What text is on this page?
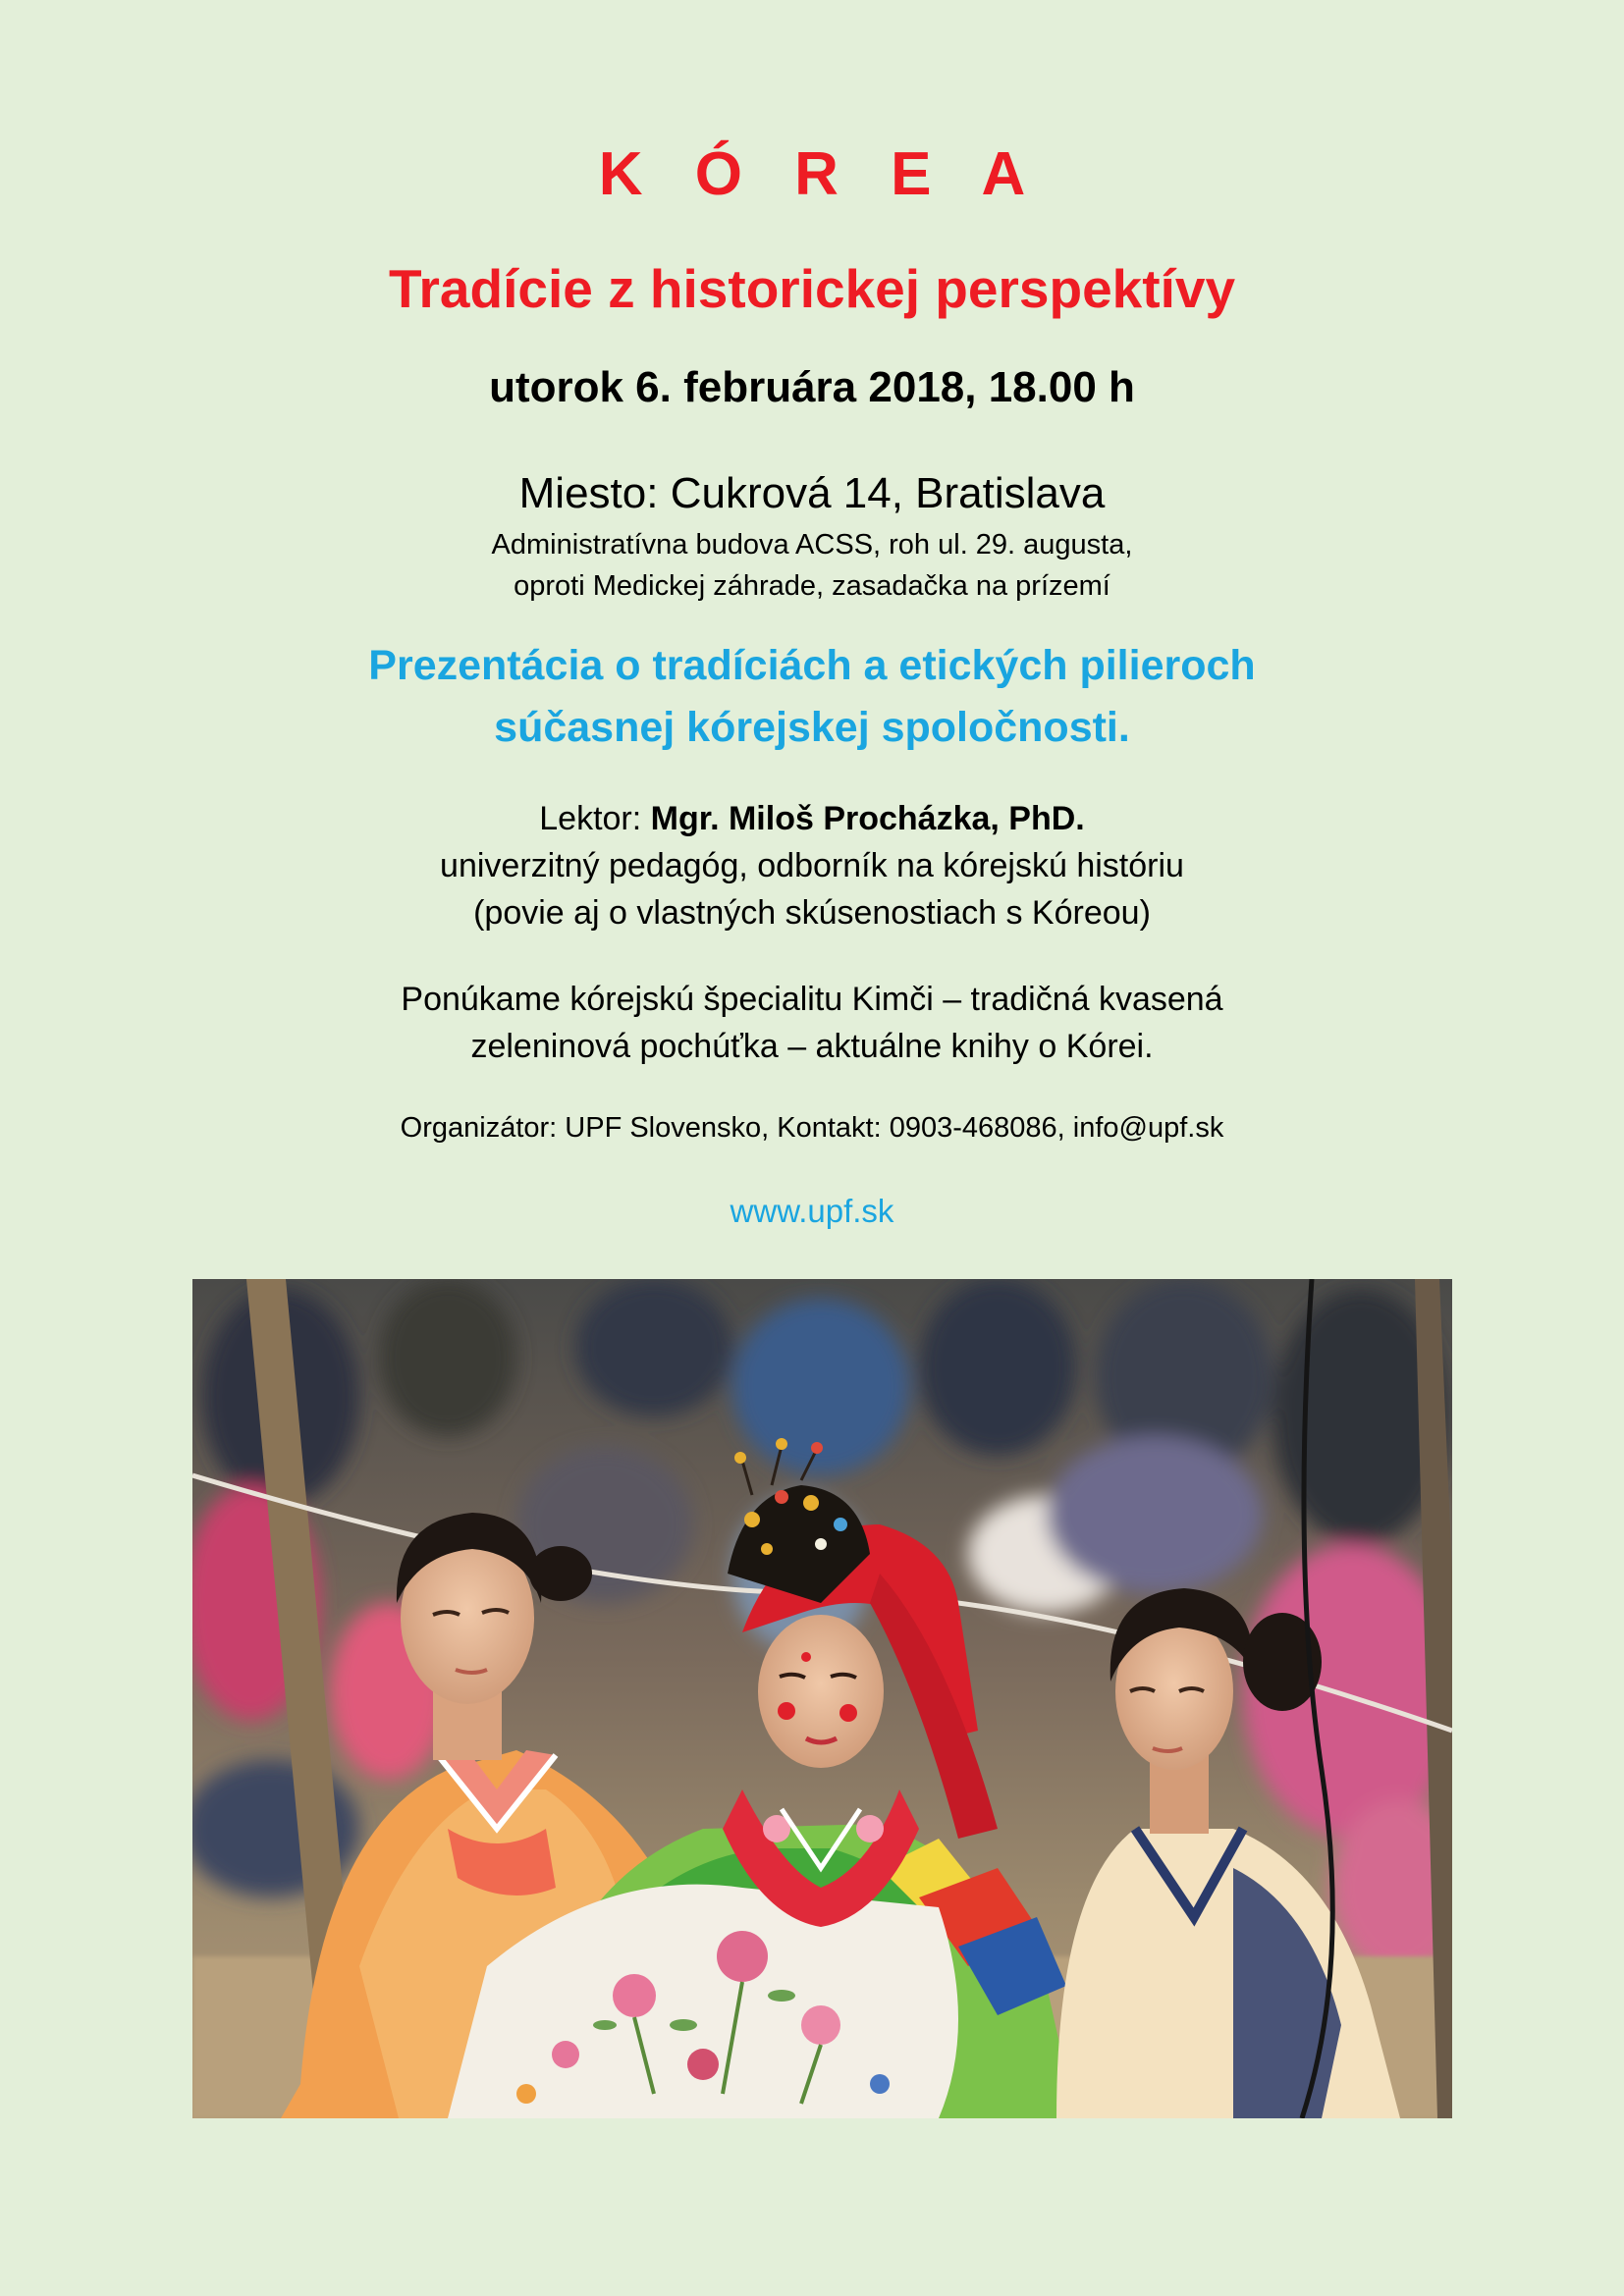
K Ó R E A

Tradície z historickej perspektívy

utorok 6. februára 2018, 18.00 h

Miesto: Cukrová 14, Bratislava

Administratívna budova ACSS, roh ul. 29. augusta,

oproti Medickej záhrade, zasadačka na prízemí

Prezentácia o tradíciách a etických pilieroch

súčasnej kórejskej spoločnosti.

Lektor: Mgr. Miloš Procházka, PhD.

univerzitný pedagóg, odborník na kórejskú históriu

(povie aj o vlastných skúsenostiach s Kóreou)

Ponúkame kórejskú špecialitu Kimči – tradičná kvasená

zeleninová pochúťka – aktuálne knihy o Kórei.

Organizátor: UPF Slovensko, Kontakt: 0903-468086, info@upf.sk

www.upf.sk
